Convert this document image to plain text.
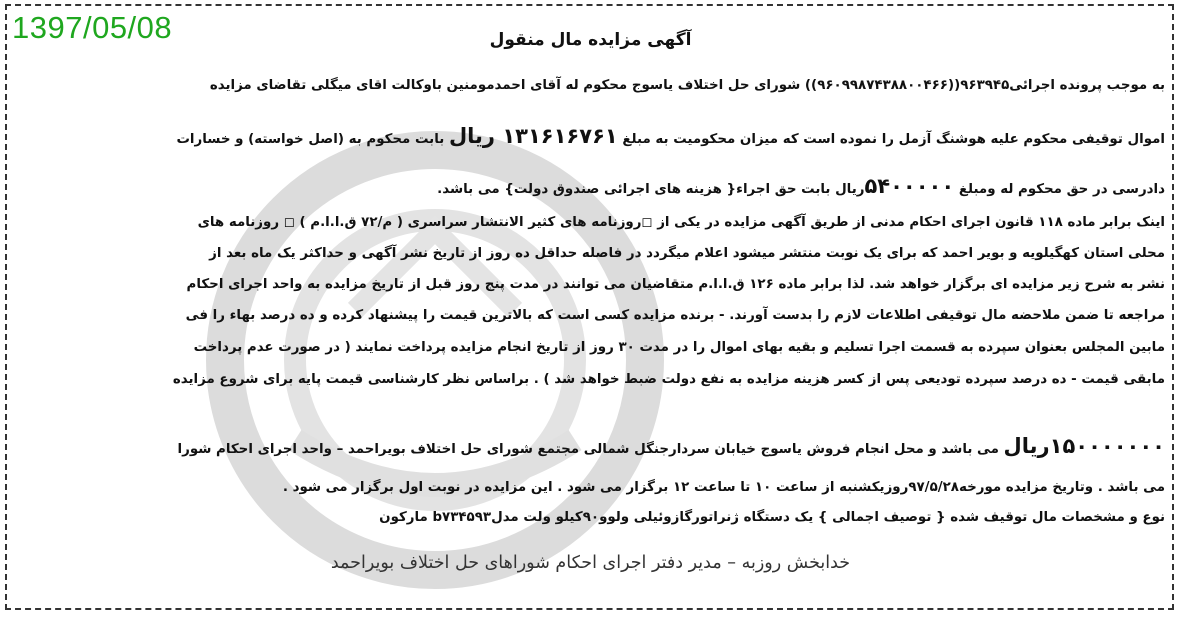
1397/05/08	آگهی مزایده مال منقول
به موجب پرونده اجرائی۹۶۳۹۴۵((۹۶۰۹۹۸۷۴۳۸۸۰۰۴۶۶)) شورای حل اختلاف یاسوج محکوم له آقای احمدمومنین باوکالت اقای میگلی تقاضای مزایده
اموال توقیفی محکوم علیه هوشنگ آزمل را نموده است که میزان محکومیت به مبلغ ۱۳۱۶۱۶۷۶۱ ریال بابت محکوم به (اصل خواسته) و خسارات
دادرسی در حق محکوم له ومبلغ ۵۴۰۰۰۰۰ریال بابت حق اجراء{ هزینه های اجرائی صندوق دولت} می باشد.
اینک برابر ماده ۱۱۸ قانون اجرای احکام مدنی از طریق آگهی مزایده در یکی از ◻روزنامه های کثیر الانتشار سراسری ( م/۷۲ ق.ا.ا.م ) ◻ روزنامه های
محلی استان کهگیلویه و بویر احمد که برای یک نوبت منتشر میشود اعلام میگردد در فاصله حداقل ده روز از تاریخ نشر آگهی و حداکثر یک ماه بعد از
نشر به شرح زیر مزایده ای برگزار خواهد شد. لذا برابر ماده ۱۲۶ ق.ا.ا.م متقاضیان می توانند در مدت پنج روز قبل از تاریخ مزایده به واحد اجرای احکام
مراجعه تا ضمن ملاحضه مال توقیفی اطلاعات لازم را بدست آورند. - برنده مزایده کسی است که بالاترین قیمت را پیشنهاد کرده و ده درصد بهاء را فی
مابین المجلس بعنوان سپرده به قسمت اجرا تسلیم و بقیه بهای اموال را در مدت ۳۰ روز از تاریخ انجام مزایده پرداخت نمایند ( در صورت عدم پرداخت
مابقی قیمت - ده درصد سپرده تودیعی پس از کسر هزینه مزایده به نفع دولت ضبط خواهد شد ) . براساس نظر کارشناسی قیمت پایه برای شروع مزایده
۱۵۰۰۰۰۰۰۰ریال می باشد و محل انجام فروش یاسوج خیابان سردارجنگل شمالی مجتمع شورای حل اختلاف بویراحمد – واحد اجرای احکام شورا
می باشد . وتاریخ مزایده مورخه۹۷/۵/۲۸روزیکشنبه از ساعت ۱۰ تا ساعت ۱۲ برگزار می شود . این مزایده در نوبت اول برگزار می شود .
نوع و مشخصات مال توقیف شده { توصیف اجمالی } یک دستگاه ژنراتورگازوئیلی ولوو۹۰کیلو ولت مدلb۷۳۴۵۹۳ مارکون
خدابخش روزبه – مدیر دفتر اجرای احکام شوراهای حل اختلاف بویراحمد
